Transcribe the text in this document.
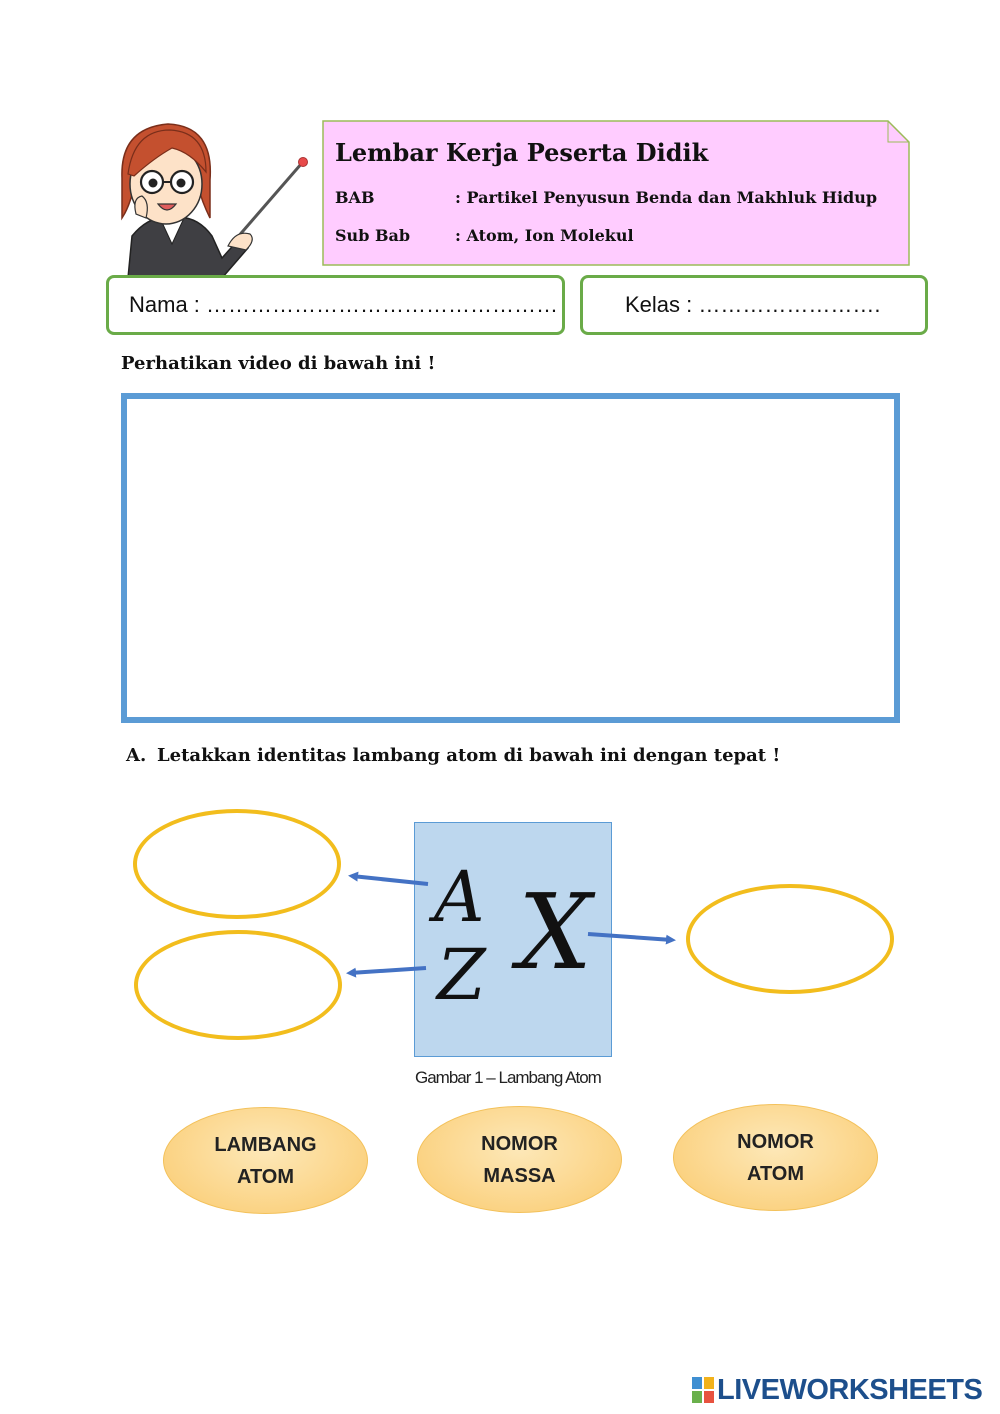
Lembar Kerja Peserta Didik
BAB	: Partikel Penyusun Benda dan Makhluk Hidup
Sub Bab	: Atom, Ion Molekul
Nama : …………………………………………	Kelas : …………………….
Perhatikan video di bawah ini !
A. Letakkan identitas lambang atom di bawah ini dengan tepat !
A
Z X
Gambar 1 – Lambang Atom
LAMBANG
ATOM
NOMOR
MASSA
NOMOR
ATOM
LIVEWORKSHEETS
